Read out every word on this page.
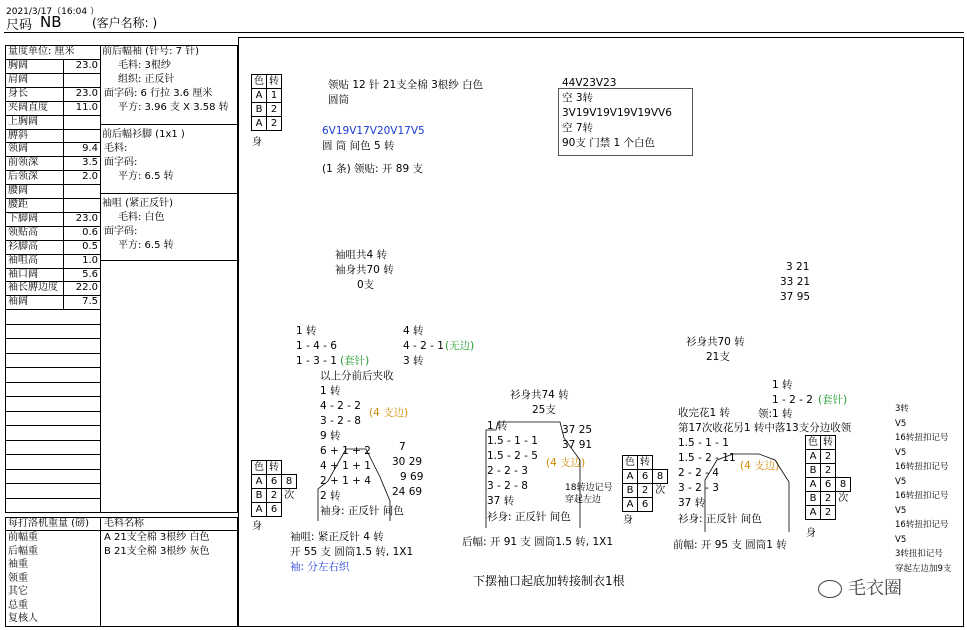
2021/3/17（16:04 ）
尺码 NB	(客户名称: )
量度单位: 厘米
胸阔	23.0
肩阔
身长	23.0
夹阔直度	11.0
上胸阔
膊斜
领阔	9.4
前领深	3.5
后领深	2.0
腰阔
腰距
下脚阔	23.0
领贴高	0.6
衫脚高	0.5
袖咀高	1.0
袖口阔	5.6
袖长膊边度	22.0
袖阔	7.5
前后幅袖 (针号: 7 针)
毛料: 3根纱
组织: 正反针
面字码: 6 行拉 3.6 厘米
平方: 3.96 支 X 3.58 转
前后幅衫脚 (1x1 )
毛料:
面字码:
平方: 6.5 转
袖咀 (紧正反针)
毛料: 白色
面字码:
平方: 6.5 转
每打洛机重量 (磅)
前幅重
后幅重
袖重
领重
其它
总重
复核人
毛料名称
A 21支全棉 3根纱 白色
B 21支全棉 3根纱 灰色
色	转
A	1
B	2
A	2
身
领贴 12 针 21支全棉 3根纱 白色
圆筒
6V19V17V20V17V5
圆 筒 间色 5 转
(1 条) 领贴: 开 89 支
44V23V23
空 3转
3V19V19V19V19VV6
空 7转
90支 门禁 1 个白色
袖咀共4 转
袖身共70 转
0支
3 21
33 21
37 95
1 转
1 - 4 - 6
1 - 3 - 1 (套针)
4 转
4 - 2 - 1 (无边)
3 转
以上分前后夹收
1 转
4 - 2 - 2
3 - 2 - 8
9 转
6 + 1 + 2
4 + 1 + 1
2 + 1 + 4
2 转
(4 支边)
7
30 29
9 69
24 69
袖身: 正反针 间色
袖咀: 紧正反针 4 转
开 55 支 圆筒1.5 转, 1X1
袖: 分左右织
色	转	
A	6	8
B	2	次
A	6	
身
衫身共74 转
25支
1 转
1.5 - 1 - 1
1.5 - 2 - 5
2 - 2 - 3
3 - 2 - 8
37 转
(4 支边)
37 25
37 91
18转边记号
穿起左边
衫身: 正反针 间色
后幅: 开 91 支 圆筒1.5 转, 1X1
色	转	
A	6	8
B	2	次
A	6	
身
衫身共70 转
21支
1 转
1 - 2 - 2 (套针)
收完花1 转	领:1 转
第17次收花另1 转中落13支分边收领
1.5 - 1 - 1
1.5 - 2 - 11
2 - 2 - 4
3 - 2 - 3
37 转
(4 支边)
衫身: 正反针 间色
前幅: 开 95 支 圆筒1 转
色	转	
A	2	
B	2	
A	6	8
B	2	次
A	2	
身
3转
V5
16转扭扣记号
V5
16转扭扣记号
V5
16转扭扣记号
V5
16转扭扣记号
V5
3转扭扣记号
穿起左边加9支
下摆袖口起底加转接制衣1根	毛衣圈
